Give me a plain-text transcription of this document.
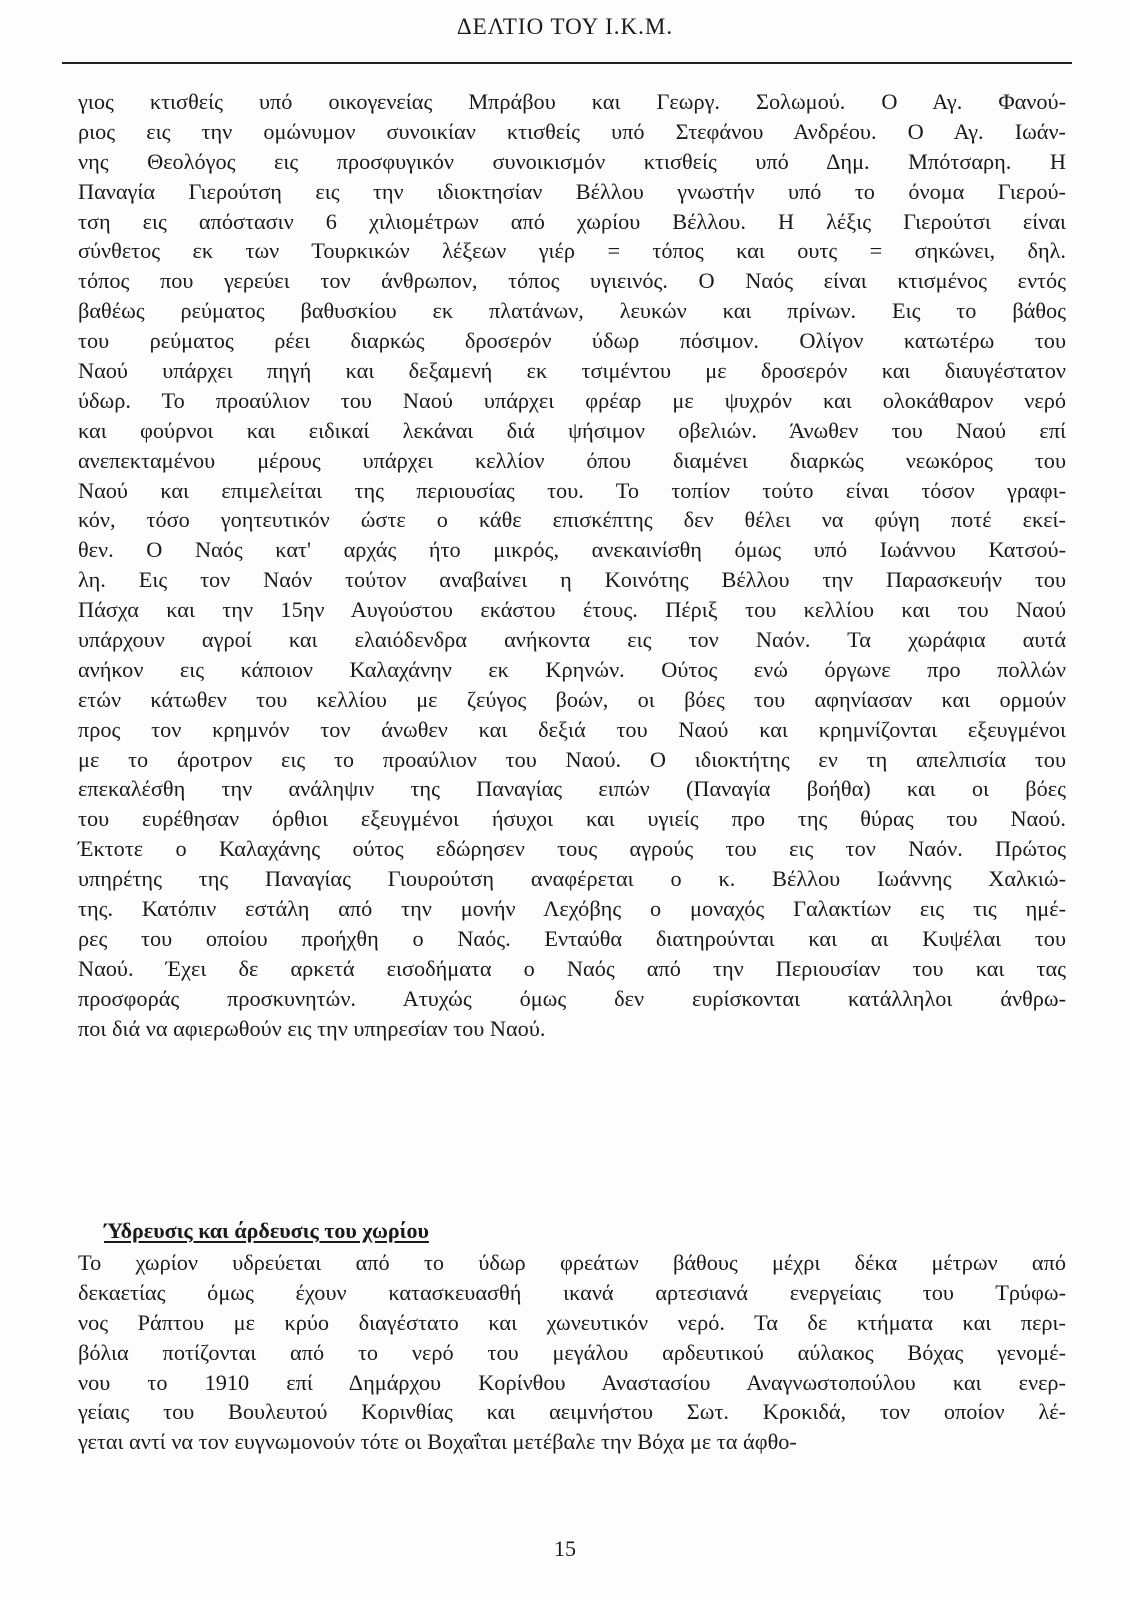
ΔΕΛΤΙΟ ΤΟΥ Ι.Κ.Μ.
γιος κτισθείς υπό οικογενείας Μπράβου και Γεωργ. Σολωμού. Ο Αγ. Φανού-
ριος εις την ομώνυμον συνοικίαν κτισθείς υπό Στεφάνου Ανδρέου. Ο Αγ. Ιωάν-
νης Θεολόγος εις προσφυγικόν συνοικισμόν κτισθείς υπό Δημ. Μπότσαρη. Η
Παναγία Γιερούτση εις την ιδιοκτησίαν Βέλλου γνωστήν υπό το όνομα Γιερού-
τση εις απόστασιν 6 χιλιομέτρων από χωρίου Βέλλου. Η λέξις Γιερούτσι είναι
σύνθετος εκ των Τουρκικών λέξεων γιέρ = τόπος και ουτς = σηκώνει, δηλ.
τόπος που γερεύει τον άνθρωπον, τόπος υγιεινός. Ο Ναός είναι κτισμένος εντός
βαθέως ρεύματος βαθυσκίου εκ πλατάνων, λευκών και πρίνων. Εις το βάθος
του ρεύματος ρέει διαρκώς δροσερόν ύδωρ πόσιμον. Ολίγον κατωτέρω του
Ναού υπάρχει πηγή και δεξαμενή εκ τσιμέντου με δροσερόν και διαυγέστατον
ύδωρ. Το προαύλιον του Ναού υπάρχει φρέαρ με ψυχρόν και ολοκάθαρον νερό
και φούρνοι και ειδικαί λεκάναι διά ψήσιμον οβελιών. Άνωθεν του Ναού επί
ανεπεκταμένου μέρους υπάρχει κελλίον όπου διαμένει διαρκώς νεωκόρος του
Ναού και επιμελείται της περιουσίας του. Το τοπίον τούτο είναι τόσον γραφι-
κόν, τόσο γοητευτικόν ώστε ο κάθε επισκέπτης δεν θέλει να φύγη ποτέ εκεί-
θεν. Ο Ναός κατ' αρχάς ήτο μικρός, ανεκαινίσθη όμως υπό Ιωάννου Κατσού-
λη. Εις τον Ναόν τούτον αναβαίνει η Κοινότης Βέλλου την Παρασκευήν του
Πάσχα και την 15ην Αυγούστου εκάστου έτους. Πέριξ του κελλίου και του Ναού
υπάρχουν αγροί και ελαιόδενδρα ανήκοντα εις τον Ναόν. Τα χωράφια αυτά
ανήκον εις κάποιον Καλαχάνην εκ Κρηνών. Ούτος ενώ όργωνε προ πολλών
ετών κάτωθεν του κελλίου με ζεύγος βοών, οι βόες του αφηνίασαν και ορμούν
προς τον κρημνόν τον άνωθεν και δεξιά του Ναού και κρημνίζονται εξευγμένοι
με το άροτρον εις το προαύλιον του Ναού. Ο ιδιοκτήτης εν τη απελπισία του
επεκαλέσθη την ανάληψιν της Παναγίας ειπών (Παναγία βοήθα) και οι βόες
του ευρέθησαν όρθιοι εξευγμένοι ήσυχοι και υγιείς προ της θύρας του Ναού.
Έκτοτε ο Καλαχάνης ούτος εδώρησεν τους αγρούς του εις τον Ναόν. Πρώτος
υπηρέτης της Παναγίας Γιουρούτση αναφέρεται ο κ. Βέλλου Ιωάννης Χαλκιώ-
της. Κατόπιν εστάλη από την μονήν Λεχόβης ο μοναχός Γαλακτίων εις τις ημέ-
ρες του οποίου προήχθη ο Ναός. Ενταύθα διατηρούνται και αι Κυψέλαι του
Ναού. Έχει δε αρκετά εισοδήματα ο Ναός από την Περιουσίαν του και τας
προσφοράς προσκυνητών. Ατυχώς όμως δεν ευρίσκονται κατάλληλοι άνθρω-
ποι διά να αφιερωθούν εις την υπηρεσίαν του Ναού.
Ύδρευσις και άρδευσις του χωρίου
Το χωρίον υδρεύεται από το ύδωρ φρεάτων βάθους μέχρι δέκα μέτρων από
δεκαετίας όμως έχουν κατασκευασθή ικανά αρτεσιανά ενεργείαις του Τρύφω-
νος Ράπτου με κρύο διαγέστατο και χωνευτικόν νερό. Τα δε κτήματα και περι-
βόλια ποτίζονται από το νερό του μεγάλου αρδευτικού αύλακος Βόχας γενομέ-
νου το 1910 επί Δημάρχου Κορίνθου Αναστασίου Αναγνωστοπούλου και ενερ-
γείαις του Βουλευτού Κορινθίας και αειμνήστου Σωτ. Κροκιδά, τον οποίον λέ-
γεται αντί να τον ευγνωμονούν τότε οι Βοχαΐται μετέβαλε την Βόχα με τα άφθο-
15
